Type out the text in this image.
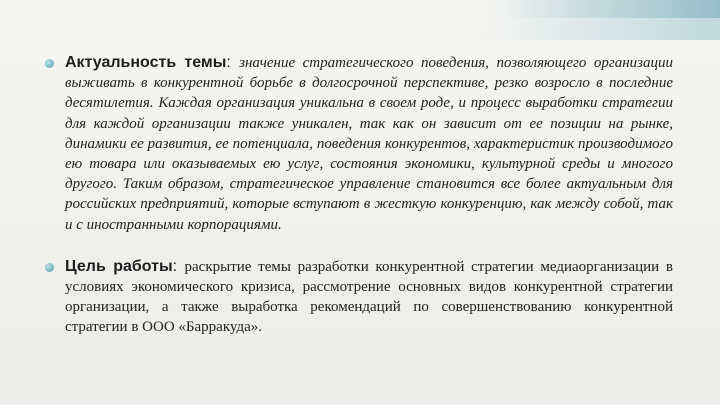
Актуальность темы: значение стратегического поведения, позволяющего организации выживать в конкурентной борьбе в долгосрочной перспективе, резко возросло в последние десятилетия. Каждая организация уникальна в своем роде, и процесс выработки стратегии для каждой организации также уникален, так как он зависит от ее позиции на рынке, динамики ее развития, ее потенциала, поведения конкурентов, характеристик производимого ею товара или оказываемых ею услуг, состояния экономики, культурной среды и многого другого. Таким образом, стратегическое управление становится все более актуальным для российских предприятий, которые вступают в жесткую конкуренцию, как между собой, так и с иностранными корпорациями.
Цель работы: раскрытие темы разработки конкурентной стратегии медиаорганизации в условиях экономического кризиса, рассмотрение основных видов конкурентной стратегии организации, а также выработка рекомендаций по совершенствованию конкурентной стратегии в ООО «Барракуда».
